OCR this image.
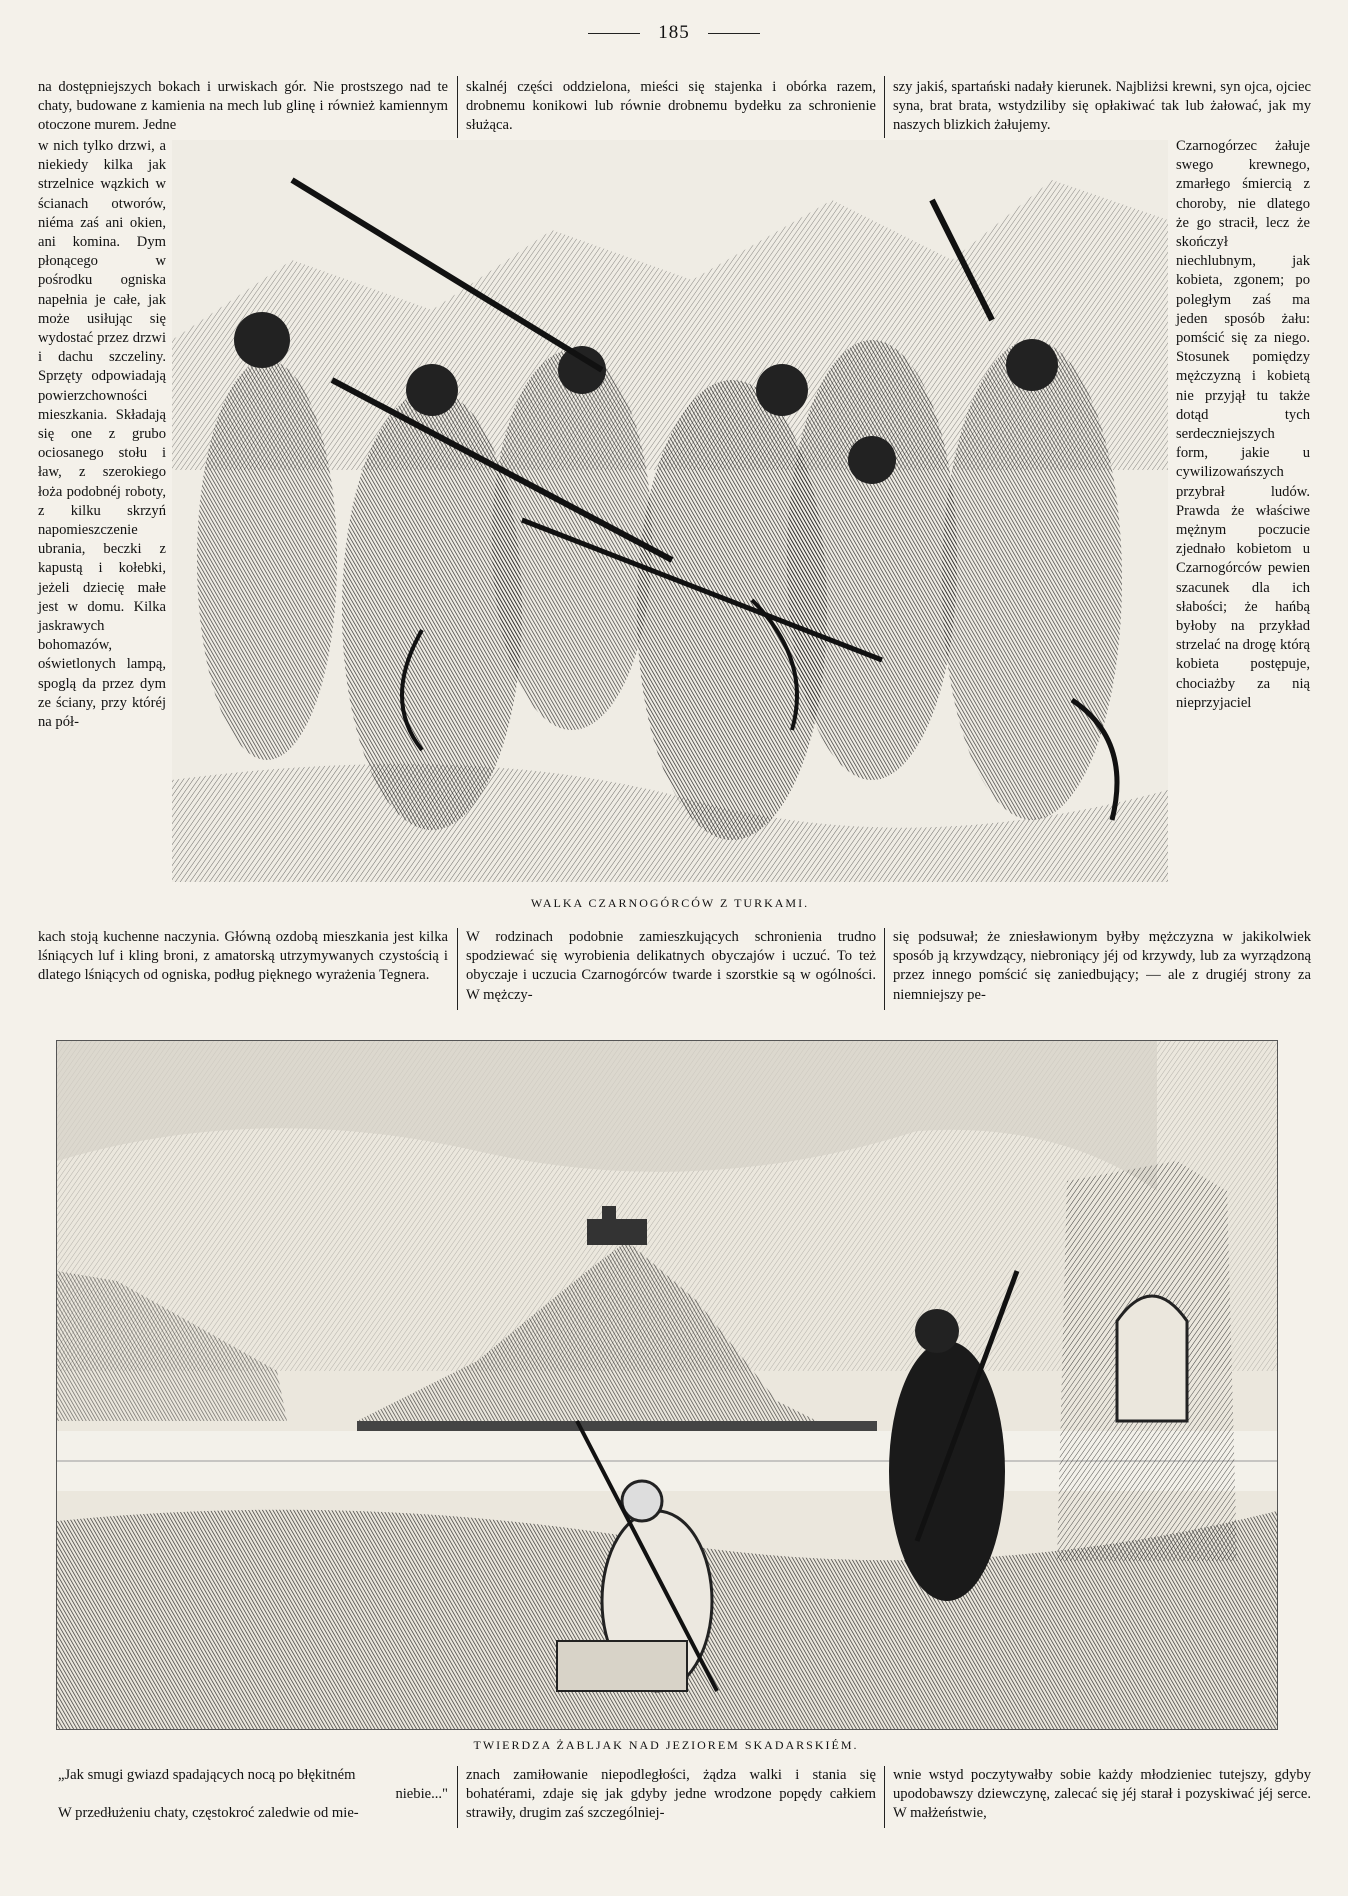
185

na dostępniejszych bokach i urwiskach gór. Nie prostszego nad te chaty, budowane z kamienia na mech lub glinę i również kamiennym otoczone murem. Jedne

skalnéj części oddzielona, mieści się stajenka i obórka razem, drobnemu konikowi lub równie drobnemu bydełku za schronienie służąca.

szy jakiś, spartański nadały kierunek. Najbliżsi krewni, syn ojca, ojciec syna, brat brata, wstydziliby się opłakiwać tak lub żałować, jak my naszych blizkich żałujemy.

w nich tylko drzwi, a niekiedy kilka jak strzelnice wązkich w ścianach otworów, niéma zaś ani okien, ani komina. Dym płonącego w pośrodku ogniska napełnia je całe, jak może usiłując się wydostać przez drzwi i dachu szczeliny. Sprzęty odpowiadają powierzchowności mieszkania. Składają się one z grubo ociosanego stołu i ław, z szerokiego łoża podobnéj roboty, z kilku skrzyń napomieszczenie ubrania, beczki z kapustą i kołebki, jeżeli dziecię małe jest w domu. Kilka jaskrawych bohomazów, oświetlonych lampą, spoglą da przez dym ze ściany, przy któréj na pół-

Czarnogórzec żałuje swego krewnego, zmarłego śmiercią z choroby, nie dlatego że go stracił, lecz że skończył niechlubnym, jak kobieta, zgonem; po poległym zaś ma jeden sposób żału: pomścić się za niego. Stosunek pomiędzy mężczyzną i kobietą nie przyjął tu także dotąd tych serdeczniejszych form, jakie u cywilizowańszych przybrał ludów. Prawda że właściwe mężnym poczucie zjednało kobietom u Czarnogórców pewien szacunek dla ich słabości; że hańbą byłoby na przykład strzelać na drogę którą kobieta postępuje, chociażby za nią nieprzyjaciel

WALKA CZARNOGÓRCÓW Z TURKAMI.

kach stoją kuchenne naczynia. Główną ozdobą mieszkania jest kilka lśniących luf i kling broni, z amatorską utrzymywanych czystością i dlatego lśniących od ogniska, podług pięknego wyrażenia Tegnera.

W rodzinach podobnie zamieszkujących schronienia trudno spodziewać się wyrobienia delikatnych obyczajów i uczuć. To też obyczaje i uczucia Czarnogórców twarde i szorstkie są w ogólności. W mężczy-

się podsuwał; że zniesławionym byłby mężczyzna w jakikolwiek sposób ją krzywdzący, niebroniący jéj od krzywdy, lub za wyrządzoną przez innego pomścić się zaniedbujący; — ale z drugiéj strony za niemniejszy pe-

TWIERDZA ŻABLJAK NAD JEZIOREM SKADARSKIÉM.

„Jak smugi gwiazd spadających nocą po błękitném

niebie..."

W przedłużeniu chaty, częstokroć zaledwie od mie-

znach zamiłowanie niepodległości, żądza walki i stania się bohatérami, zdaje się jak gdyby jedne wrodzone popędy całkiem strawiły, drugim zaś szczególniej-

wnie wstyd poczytywałby sobie każdy młodzieniec tutejszy, gdyby upodobawszy dziewczynę, zalecać się jéj starał i pozyskiwać jéj serce. W małżeństwie,
